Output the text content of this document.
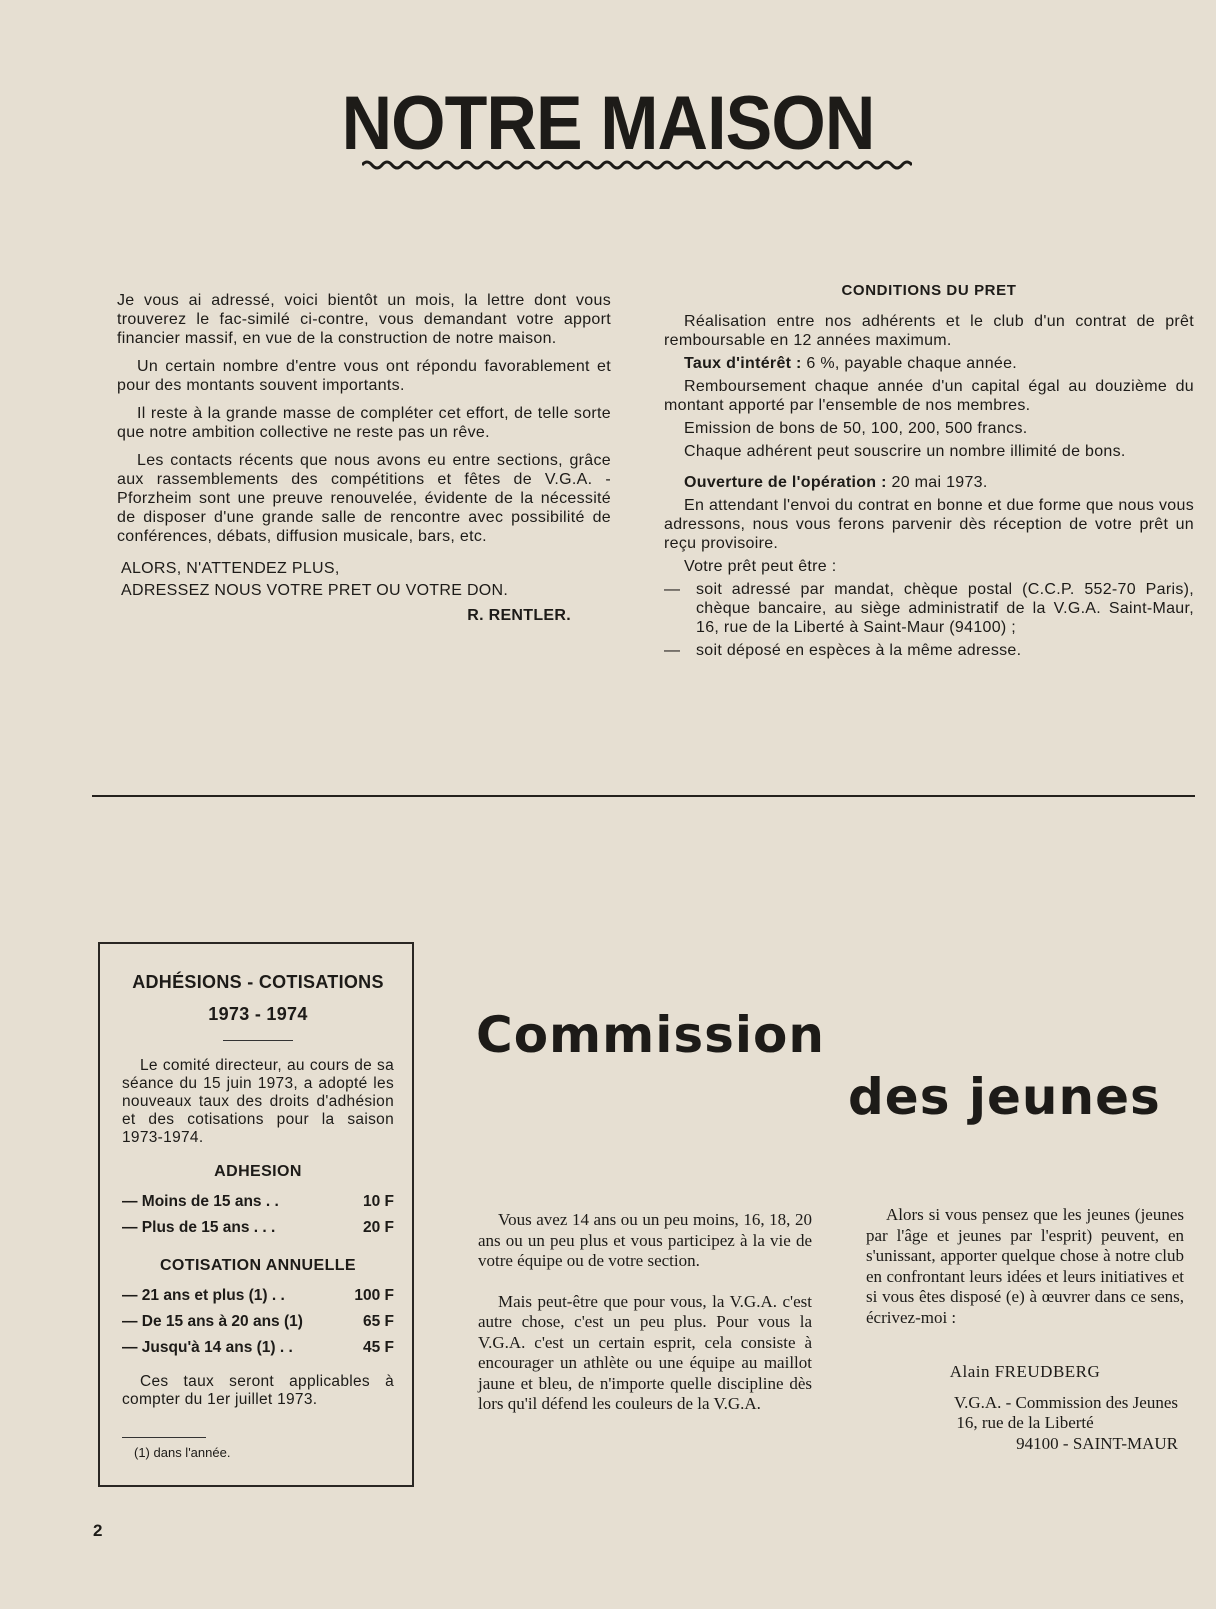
NOTRE MAISON

Je vous ai adressé, voici bientôt un mois, la lettre dont vous trouverez le fac-similé ci-contre, vous demandant votre apport financier massif, en vue de la construction de notre maison.

Un certain nombre d'entre vous ont répondu favorablement et pour des montants souvent importants.

Il reste à la grande masse de compléter cet effort, de telle sorte que notre ambition collective ne reste pas un rêve.

Les contacts récents que nous avons eu entre sections, grâce aux rassemblements des compétitions et fêtes de V.G.A. - Pforzheim sont une preuve renouvelée, évidente de la nécessité de disposer d'une grande salle de rencontre avec possibilité de conférences, débats, diffusion musicale, bars, etc.

ALORS, N'ATTENDEZ PLUS,
ADRESSEZ NOUS VOTRE PRET OU VOTRE DON.
R. RENTLER.
CONDITIONS DU PRET

Réalisation entre nos adhérents et le club d'un contrat de prêt remboursable en 12 années maximum.

Taux d'intérêt : 6 %, payable chaque année.

Remboursement chaque année d'un capital égal au douzième du montant apporté par l'ensemble de nos membres.

Emission de bons de 50, 100, 200, 500 francs.

Chaque adhérent peut souscrire un nombre illimité de bons.

Ouverture de l'opération : 20 mai 1973.

En attendant l'envoi du contrat en bonne et due forme que nous vous adressons, nous vous ferons parvenir dès réception de votre prêt un reçu provisoire.

Votre prêt peut être :

— soit adressé par mandat, chèque postal (C.C.P. 552-70 Paris), chèque bancaire, au siège administratif de la V.G.A. Saint-Maur, 16, rue de la Liberté à Saint-Maur (94100) ;
— soit déposé en espèces à la même adresse.
ADHÉSIONS - COTISATIONS
1973 - 1974
Le comité directeur, au cours de sa séance du 15 juin 1973, a adopté les nouveaux taux des droits d'adhésion et des cotisations pour la saison 1973-1974.
ADHESION
— Moins de 15 ans . .	10 F
— Plus de 15 ans . . .	20 F
COTISATION ANNUELLE
— 21 ans et plus (1) . .	100 F
— De 15 ans à 20 ans (1)	65 F
— Jusqu'à 14 ans (1) . .	45 F
Ces taux seront applicables à compter du 1er juillet 1973.
(1) dans l'année.
Commission
des jeunes

Vous avez 14 ans ou un peu moins, 16, 18, 20 ans ou un peu plus et vous participez à la vie de votre équipe ou de votre section.

Mais peut-être que pour vous, la V.G.A. c'est autre chose, c'est un peu plus. Pour vous la V.G.A. c'est un certain esprit, cela consiste à encourager un athlète ou une équipe au maillot jaune et bleu, de n'importe quelle discipline dès lors qu'il défend les couleurs de la V.G.A.

Alors si vous pensez que les jeunes (jeunes par l'âge et jeunes par l'esprit) peuvent, en s'unissant, apporter quelque chose à notre club en confrontant leurs idées et leurs initiatives et si vous êtes disposé (e) à œuvrer dans ce sens, écrivez-moi :

Alain FREUDBERG
V.G.A. - Commission des Jeunes
16, rue de la Liberté
94100 - SAINT-MAUR
2
